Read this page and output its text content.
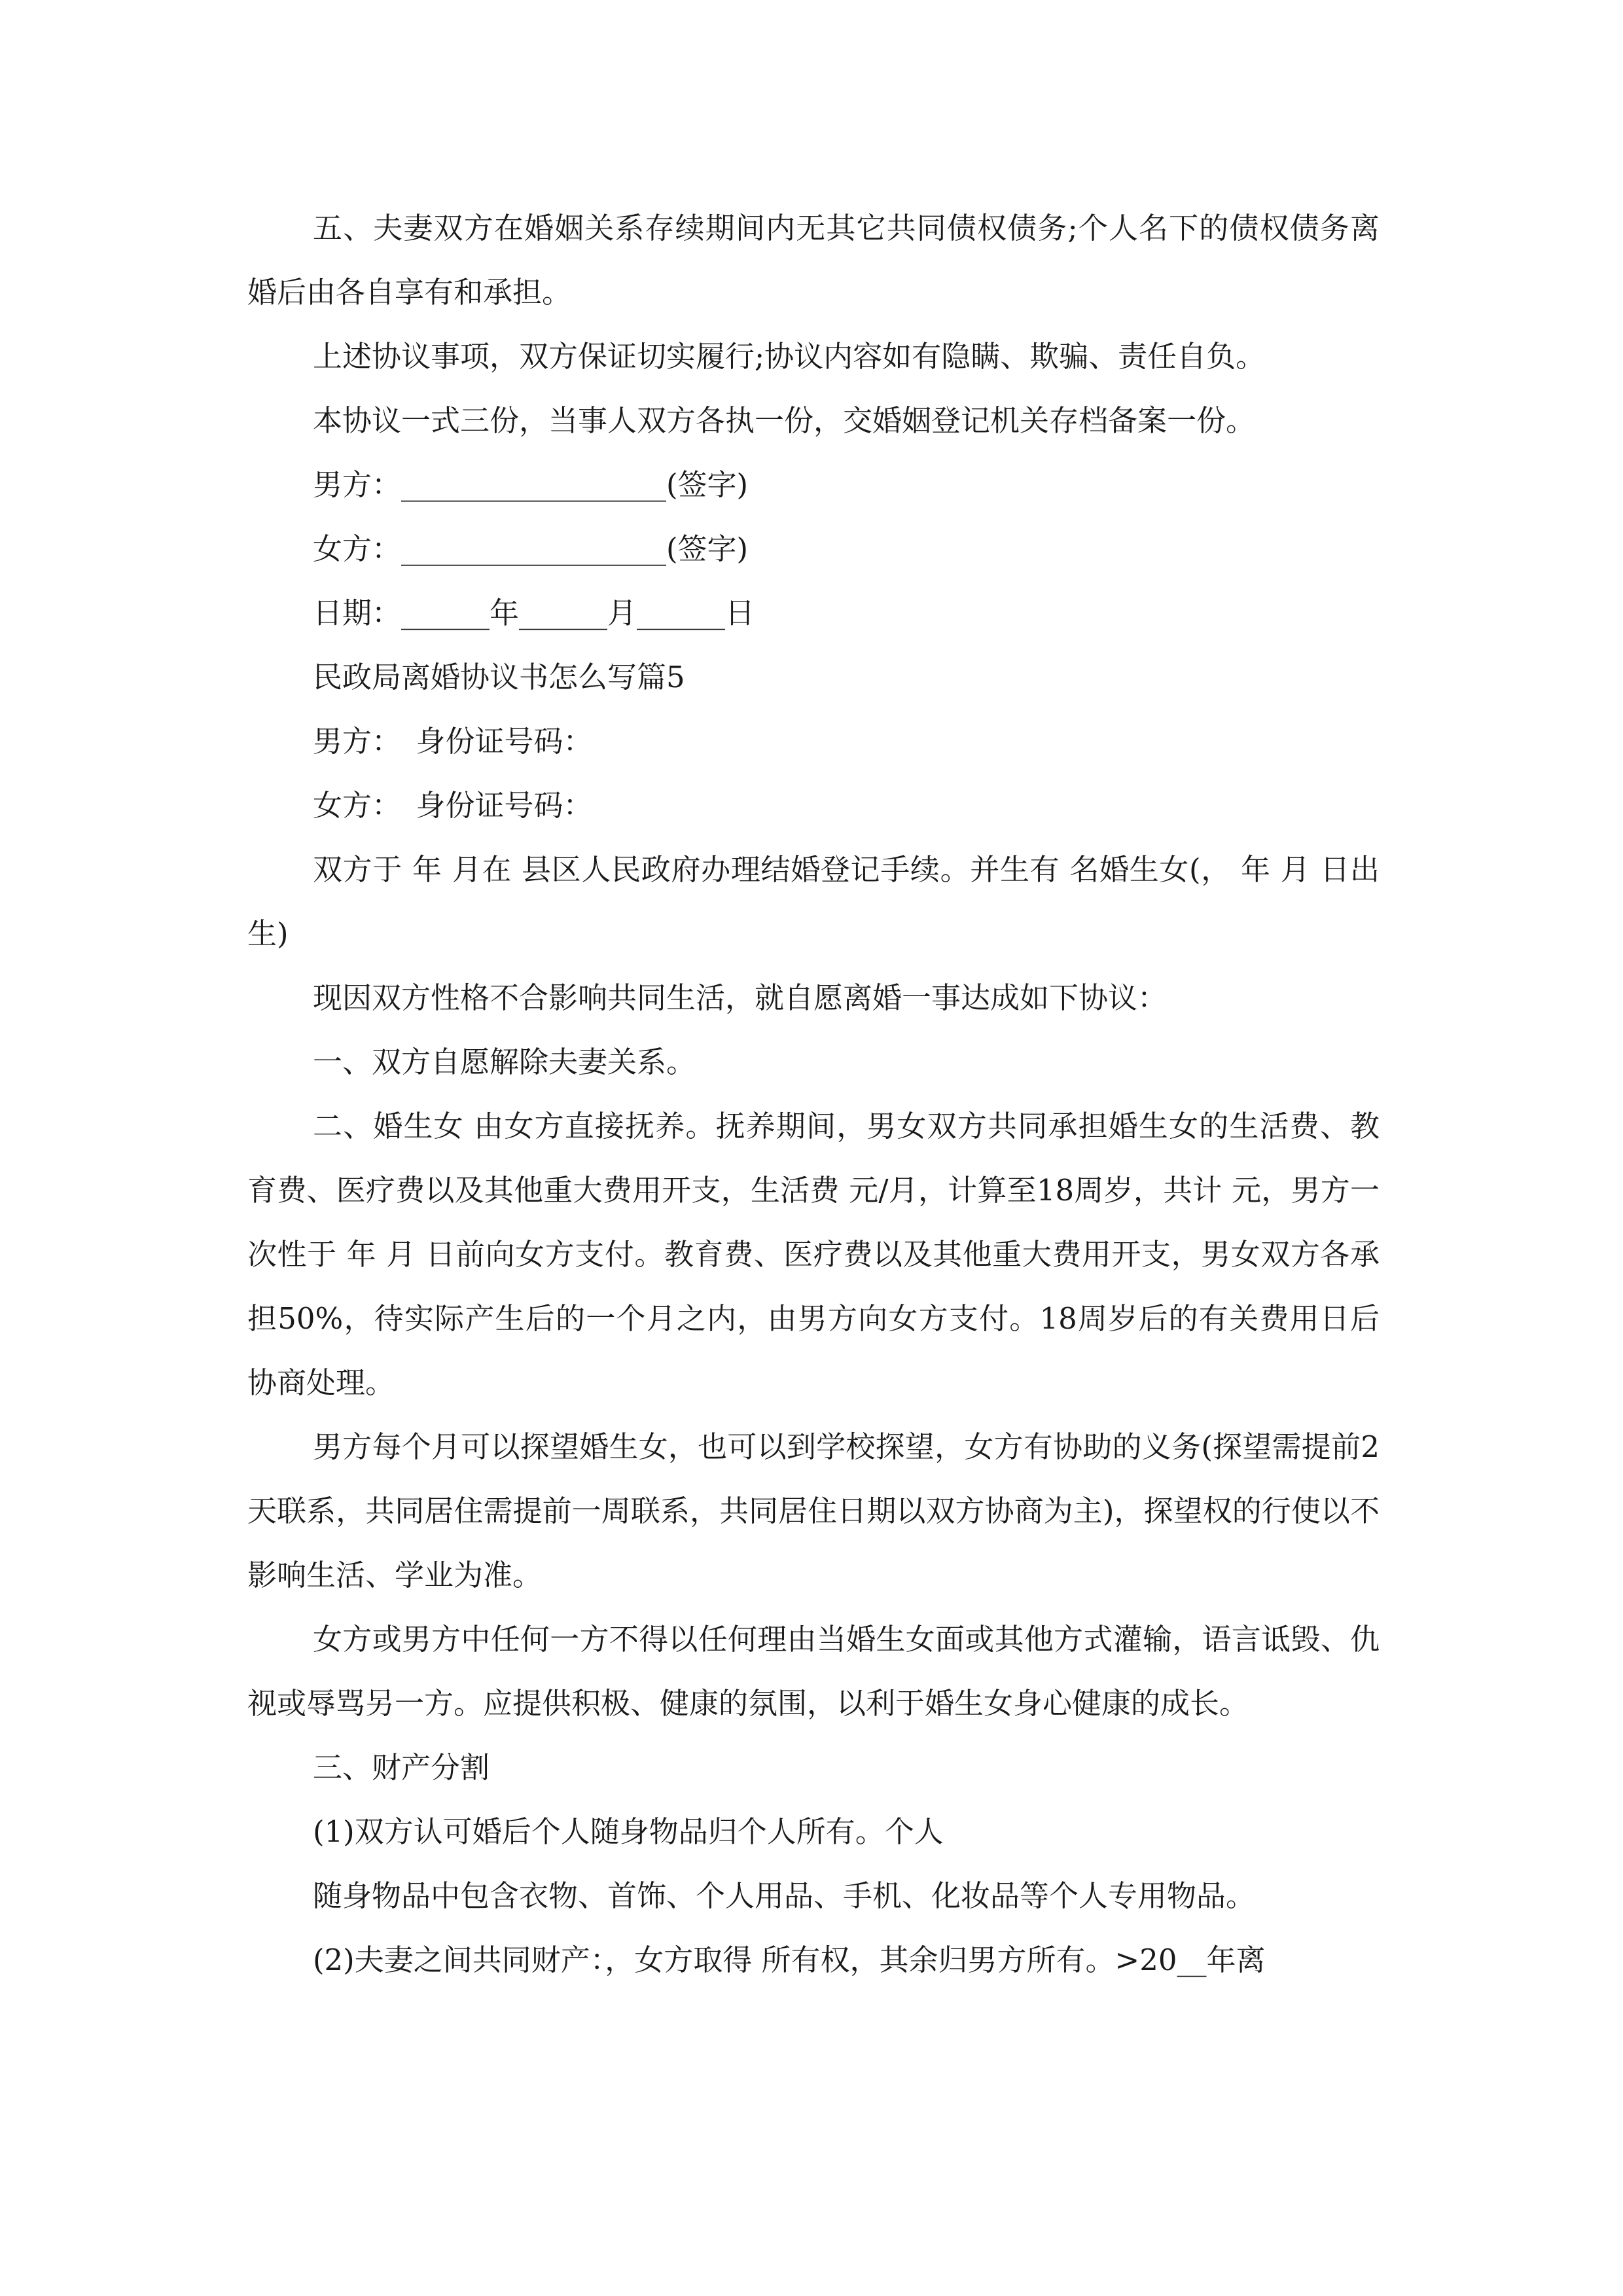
五、夫妻双方在婚姻关系存续期间内无其它共同债权债务;个人名下的债权债务离婚后由各自享有和承担。

上述协议事项，双方保证切实履行;协议内容如有隐瞒、欺骗、责任自负。

本协议一式三份，当事人双方各执一份，交婚姻登记机关存档备案一份。

男方：__________________(签字)

女方：__________________(签字)

日期：______年______月______日

民政局离婚协议书怎么写篇5

男方：　身份证号码：

女方：　身份证号码：

双方于 年 月在 县区人民政府办理结婚登记手续。并生有 名婚生女(， 年 月 日出生)

现因双方性格不合影响共同生活，就自愿离婚一事达成如下协议：

一、双方自愿解除夫妻关系。

二、婚生女 由女方直接抚养。抚养期间，男女双方共同承担婚生女的生活费、教育费、医疗费以及其他重大费用开支，生活费 元/月，计算至18周岁，共计 元，男方一次性于 年 月 日前向女方支付。教育费、医疗费以及其他重大费用开支，男女双方各承担50%，待实际产生后的一个月之内，由男方向女方支付。18周岁后的有关费用日后协商处理。

男方每个月可以探望婚生女，也可以到学校探望，女方有协助的义务(探望需提前2天联系，共同居住需提前一周联系，共同居住日期以双方协商为主)，探望权的行使以不影响生活、学业为准。

女方或男方中任何一方不得以任何理由当婚生女面或其他方式灌输，语言诋毁、仇视或辱骂另一方。应提供积极、健康的氛围，以利于婚生女身心健康的成长。

三、财产分割

(1)双方认可婚后个人随身物品归个人所有。个人

随身物品中包含衣物、首饰、个人用品、手机、化妆品等个人专用物品。

(2)夫妻之间共同财产：，女方取得 所有权，其余归男方所有。>20__年离
